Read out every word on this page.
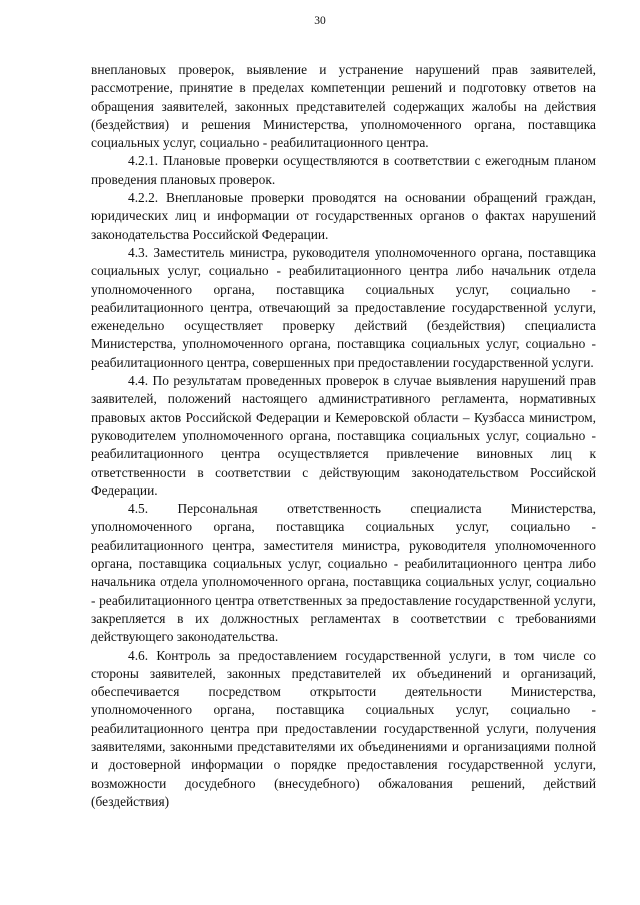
30

внеплановых проверок, выявление и устранение нарушений прав заявителей, рассмотрение, принятие в пределах компетенции решений и подготовку ответов на обращения заявителей, законных представителей содержащих жалобы на действия (бездействия) и решения Министерства, уполномоченного органа, поставщика социальных услуг, социально - реабилитационного центра.

4.2.1. Плановые проверки осуществляются в соответствии с ежегодным планом проведения плановых проверок.

4.2.2. Внеплановые проверки проводятся на основании обращений граждан, юридических лиц и информации от государственных органов о фактах нарушений законодательства Российской Федерации.

4.3. Заместитель министра, руководителя уполномоченного органа, поставщика социальных услуг, социально - реабилитационного центра либо начальник отдела уполномоченного органа, поставщика социальных услуг, социально - реабилитационного центра, отвечающий за предоставление государственной услуги, еженедельно осуществляет проверку действий (бездействия) специалиста Министерства, уполномоченного органа, поставщика социальных услуг, социально - реабилитационного центра, совершенных при предоставлении государственной услуги.

4.4. По результатам проведенных проверок в случае выявления нарушений прав заявителей, положений настоящего административного регламента, нормативных правовых актов Российской Федерации и Кемеровской области – Кузбасса министром, руководителем уполномоченного органа, поставщика социальных услуг, социально - реабилитационного центра осуществляется привлечение виновных лиц к ответственности в соответствии с действующим законодательством Российской Федерации.

4.5. Персональная ответственность специалиста Министерства, уполномоченного органа, поставщика социальных услуг, социально - реабилитационного центра, заместителя министра, руководителя уполномоченного органа, поставщика социальных услуг, социально - реабилитационного центра либо начальника отдела уполномоченного органа, поставщика социальных услуг, социально - реабилитационного центра ответственных за предоставление государственной услуги, закрепляется в их должностных регламентах в соответствии с требованиями действующего законодательства.

4.6. Контроль за предоставлением государственной услуги, в том числе со стороны заявителей, законных представителей их объединений и организаций, обеспечивается посредством открытости деятельности Министерства, уполномоченного органа, поставщика социальных услуг, социально - реабилитационного центра при предоставлении государственной услуги, получения заявителями, законными представителями их объединениями и организациями полной и достоверной информации о порядке предоставления государственной услуги, возможности досудебного (внесудебного) обжалования решений, действий (бездействия)
